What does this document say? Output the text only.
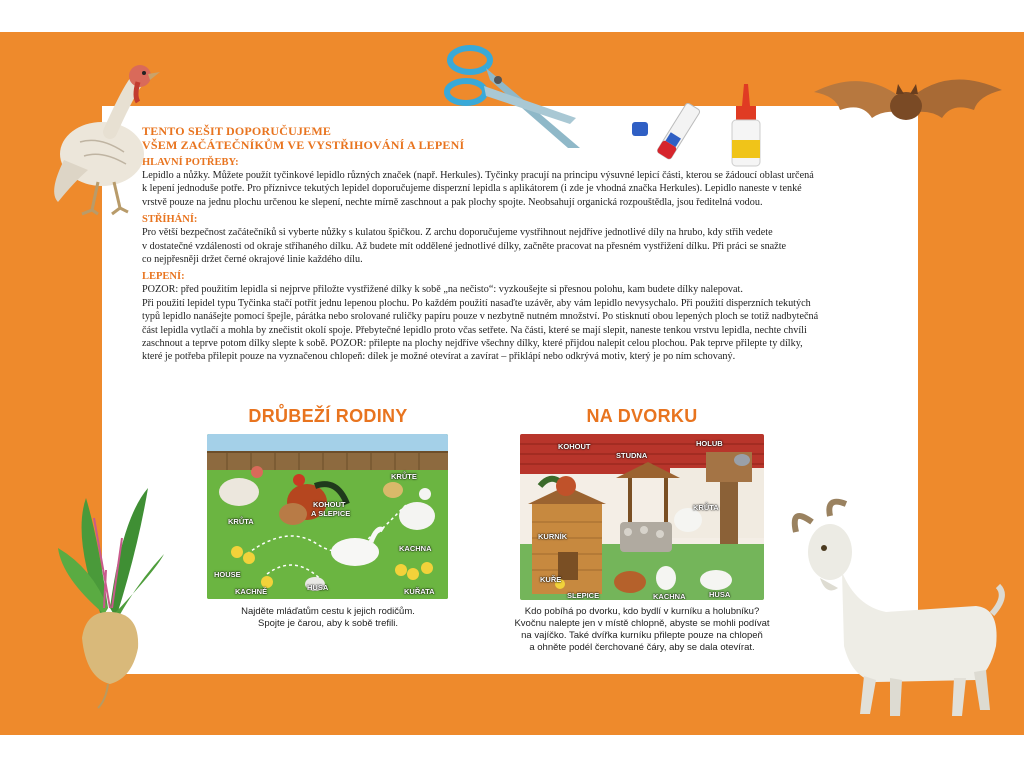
TENTO SEŠIT DOPORUČUJEME
VŠEM ZAČÁTEČNÍKŮM VE VYSTŘIHOVÁNÍ A LEPENÍ
HLAVNÍ POTŘEBY:

Lepidlo a nůžky. Můžete použít tyčinkové lepidlo různých značek (např. Herkules). Tyčinky pracují na principu výsuvné lepicí části, kterou se žádoucí oblast určená

k lepení jednoduše potře. Pro příznivce tekutých lepidel doporučujeme disperzní lepidla s aplikátorem (i zde je vhodná značka Herkules). Lepidlo naneste v tenké

vrstvě pouze na jednu plochu určenou ke slepení, nechte mírně zaschnout a pak plochy spojte. Neobsahují organická rozpouštědla, jsou ředitelná vodou.

STŘÍHÁNÍ:

Pro větší bezpečnost začátečníků si vyberte nůžky s kulatou špičkou. Z archu doporučujeme vystřihnout nejdříve jednotlivé díly na hrubo, kdy střih vedete

v dostatečné vzdálenosti od okraje stříhaného dílku. Až budete mít oddělené jednotlivé dílky, začněte pracovat na přesném vystřižení dílku. Při práci se snažte

co nejpřesněji držet černé okrajové linie každého dílu.

LEPENÍ:

POZOR: před použitím lepidla si nejprve přiložte vystřižené dílky k sobě „na nečisto“: vyzkoušejte si přesnou polohu, kam budete dílky nalepovat.

Při použití lepidel typu Tyčinka stačí potřít jednu lepenou plochu. Po každém použití nasaďte uzávěr, aby vám lepidlo nevysychalo. Při použití disperzních tekutých

typů lepidlo nanášejte pomocí špejle, párátka nebo srolované ruličky papíru pouze v nezbytně nutném množství. Po stisknutí obou lepených ploch se totiž nadbytečná

část lepidla vytlačí a mohla by znečistit okolí spoje. Přebytečné lepidlo proto včas setřete. Na části, které se mají slepit, naneste tenkou vrstvu lepidla, nechte chvíli

zaschnout a teprve potom dílky slepte k sobě. POZOR: přilepte na plochy nejdříve všechny dílky, které přijdou nalepit celou plochou. Pak teprve přilepte ty dílky,

které je potřeba přilepit pouze na vyznačenou chlopeň: dílek je možné otevírat a zavírat – přiklápí nebo odkrývá motiv, který je po ním schovaný.

DRŮBEŽÍ RODINY
KRŮTE
KOHOUT
A SLEPICE
KRŮTA
KACHNA
HOUSE
KACHNĚ	HUSA	KUŘATA
Najděte mláďatům cestu k jejich rodičům.
Spojte je čarou, aby k sobě trefili.
NA DVORKU
KOHOUT
STUDNA
HOLUB
KRŮTA
KURNÍK
KUŘE
SLEPICE	KACHNA	HUSA
Kdo pobíhá po dvorku, kdo bydlí v kurníku a holubníku?
Kvočnu nalepte jen v místě chlopně, abyste se mohli podívat
na vajíčko. Také dvířka kurníku přilepte pouze na chlopeň
a ohněte podél čerchované čáry, aby se dala otevírat.
